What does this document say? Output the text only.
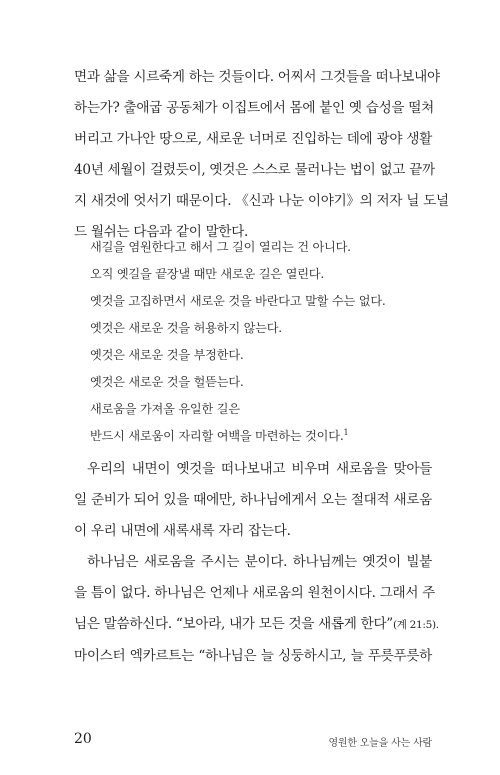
면과 삶을 시르죽게 하는 것들이다. 어찌서 그것들을 떠나보내야
하는가? 출애굽 공동체가 이집트에서 몸에 붙인 옛 습성을 떨쳐
버리고 가나안 땅으로, 새로운 너머로 진입하는 데에 광야 생활
40년 세월이 걸렸듯이, 옛것은 스스로 물러나는 법이 없고 끝까
지 새것에 엇서기 때문이다. 《신과 나눈 이야기》의 저자 닐 도널
드 월쉬는 다음과 같이 말한다.
새길을 염원한다고 해서 그 길이 열리는 건 아니다.
오직 옛길을 끝장낼 때만 새로운 길은 열린다.
옛것을 고집하면서 새로운 것을 바란다고 말할 수는 없다.
옛것은 새로운 것을 허용하지 않는다.
옛것은 새로운 것을 부정한다.
옛것은 새로운 것을 헐뜯는다.
새로움을 가져올 유일한 길은
반드시 새로움이 자리할 여백을 마련하는 것이다.$^1$
우리의 내면이 옛것을 떠나보내고 비우며 새로움을 맞아들
일 준비가 되어 있을 때에만, 하나님에게서 오는 절대적 새로움
이 우리 내면에 새록새록 자리 잡는다.
하나님은 새로움을 주시는 분이다. 하나님께는 옛것이 빌붙
을 틈이 없다. 하나님은 언제나 새로움의 원천이시다. 그래서 주
님은 말씀하신다. “보아라, 내가 모든 것을 새롭게 한다”(계 21:5).
마이스터 엑카르트는 “하나님은 늘 싱둥하시고, 늘 푸릇푸릇하
20	영원한 오늘을 사는 사람
